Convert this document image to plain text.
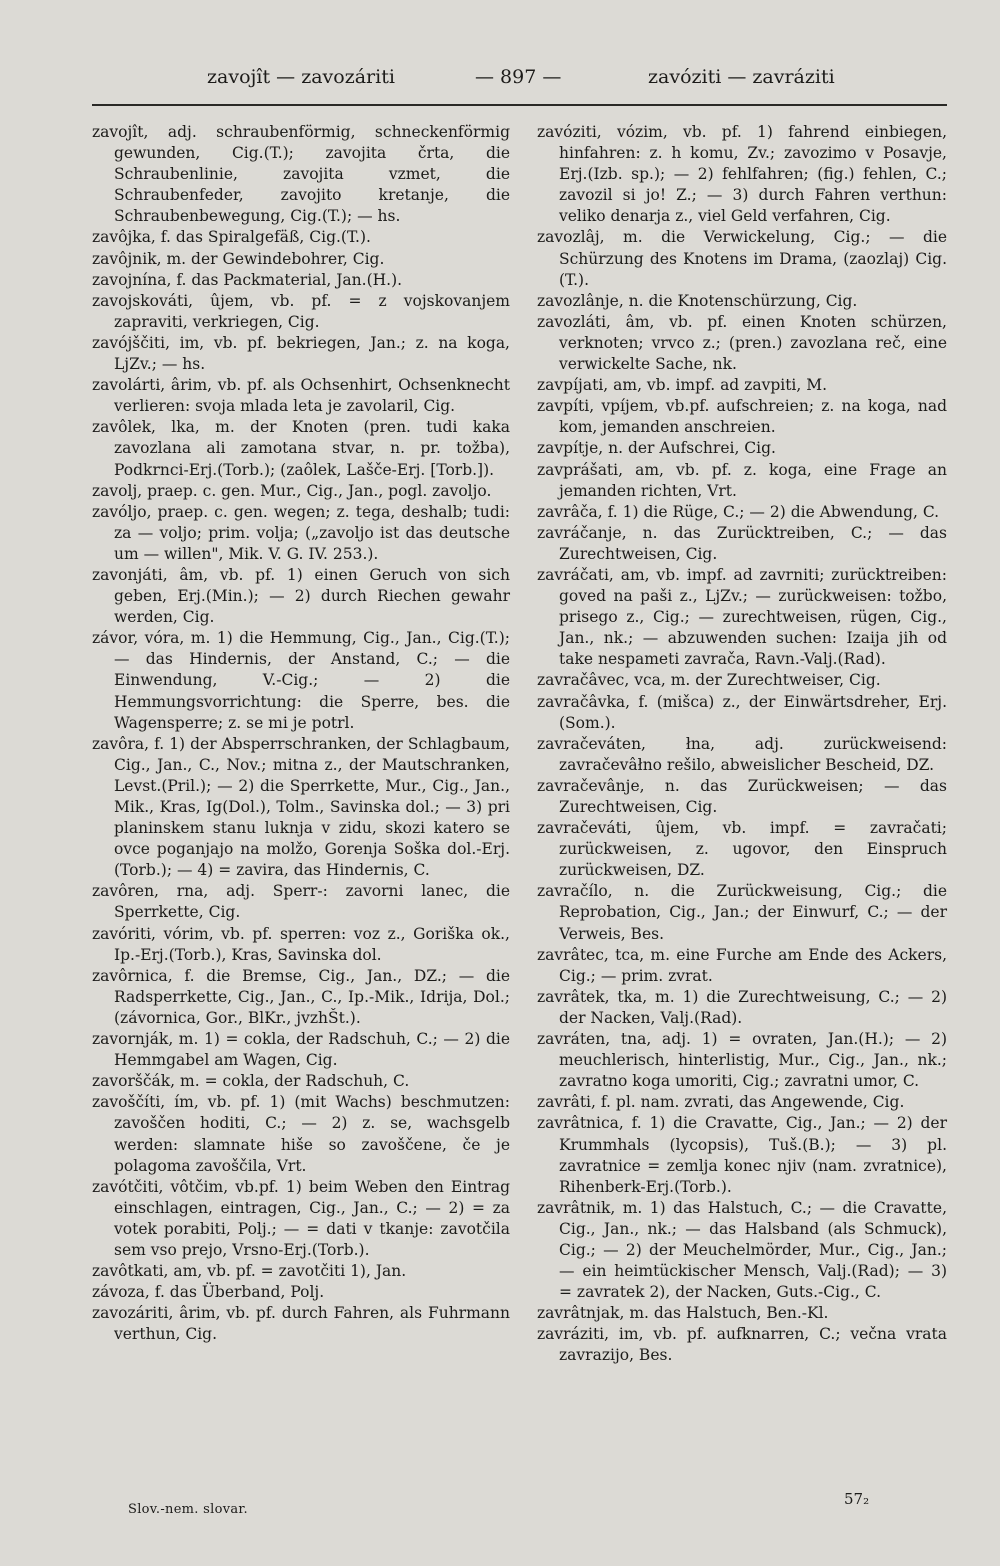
zavojît — zavozáriti	— 897 —	zavóziti — zavráziti

zavojît, adj. schraubenförmig, schneckenförmig gewunden, Cig.(T.); zavojita črta, die Schraubenlinie, zavojita vzmet, die Schraubenfeder, zavojito kretanje, die Schraubenbewegung, Cig.(T.); — hs.

zavôjka, f. das Spiralgefäß, Cig.(T.).

zavôjnik, m. der Gewindebohrer, Cig.

zavojnína, f. das Packmaterial, Jan.(H.).

zavojskováti, ûjem, vb. pf. = z vojskovanjem zapraviti, verkriegen, Cig.

zavójščiti, im, vb. pf. bekriegen, Jan.; z. na koga, LjZv.; — hs.

zavolárti, ârim, vb. pf. als Ochsenhirt, Ochsenknecht verlieren: svoja mlada leta je zavolaril, Cig.

zavôlek, lka, m. der Knoten (pren. tudi kaka zavozlana ali zamotana stvar, n. pr. tožba), Podkrnci-Erj.(Torb.); (zaôlek, Lašče-Erj. [Torb.]).

zavolj, praep. c. gen. Mur., Cig., Jan., pogl. zavoljo.

zavóljo, praep. c. gen. wegen; z. tega, deshalb; tudi: za — voljo; prim. volja; („zavoljo ist das deutsche um — willen", Mik. V. G. IV. 253.).

zavonjáti, âm, vb. pf. 1) einen Geruch von sich geben, Erj.(Min.); — 2) durch Riechen gewahr werden, Cig.

závor, vóra, m. 1) die Hemmung, Cig., Jan., Cig.(T.); — das Hindernis, der Anstand, C.; — die Einwendung, V.-Cig.; — 2) die Hemmungsvorrichtung: die Sperre, bes. die Wagensperre; z. se mi je potrl.

zavôra, f. 1) der Absperrschranken, der Schlagbaum, Cig., Jan., C., Nov.; mitna z., der Mautschranken, Levst.(Pril.); — 2) die Sperrkette, Mur., Cig., Jan., Mik., Kras, Ig(Dol.), Tolm., Savinska dol.; — 3) pri planinskem stanu luknja v zidu, skozi katero se ovce poganjajo na molžo, Gorenja Soška dol.-Erj.(Torb.); — 4) = zavira, das Hindernis, C.

zavôren, rna, adj. Sperr-: zavorni lanec, die Sperrkette, Cig.

zavóriti, vórim, vb. pf. sperren: voz z., Goriška ok., Ip.-Erj.(Torb.), Kras, Savinska dol.

zavôrnica, f. die Bremse, Cig., Jan., DZ.; — die Radsperrkette, Cig., Jan., C., Ip.-Mik., Idrija, Dol.; (závornica, Gor., BlKr., jvzhŠt.).

zavornják, m. 1) = cokla, der Radschuh, C.; — 2) die Hemmgabel am Wagen, Cig.

zavorščák, m. = cokla, der Radschuh, C.

zavoščíti, ím, vb. pf. 1) (mit Wachs) beschmutzen: zavoščen hoditi, C.; — 2) z. se, wachsgelb werden: slamnate hiše so zavoščene, če je polagoma zavoščila, Vrt.

zavótčiti, vôtčim, vb.pf. 1) beim Weben den Eintrag einschlagen, eintragen, Cig., Jan., C.; — 2) = za votek porabiti, Polj.; — = dati v tkanje: zavotčila sem vso prejo, Vrsno-Erj.(Torb.).

zavôtkati, am, vb. pf. = zavotčiti 1), Jan.

závoza, f. das Überband, Polj.

zavozáriti, ârim, vb. pf. durch Fahren, als Fuhrmann verthun, Cig.

zavóziti, vózim, vb. pf. 1) fahrend einbiegen, hinfahren: z. h komu, Zv.; zavozimo v Posavje, Erj.(Izb. sp.); — 2) fehlfahren; (fig.) fehlen, C.; zavozil si jo! Z.; — 3) durch Fahren verthun: veliko denarja z., viel Geld verfahren, Cig.

zavozlâj, m. die Verwickelung, Cig.; — die Schürzung des Knotens im Drama, (zaozlaj) Cig.(T.).

zavozlânje, n. die Knotenschürzung, Cig.

zavozláti, âm, vb. pf. einen Knoten schürzen, verknoten; vrvco z.; (pren.) zavozlana reč, eine verwickelte Sache, nk.

zavpíjati, am, vb. impf. ad zavpiti, M.

zavpíti, vpíjem, vb.pf. aufschreien; z. na koga, nad kom, jemanden anschreien.

zavpítje, n. der Aufschrei, Cig.

zavprášati, am, vb. pf. z. koga, eine Frage an jemanden richten, Vrt.

zavrâča, f. 1) die Rüge, C.; — 2) die Abwendung, C.

zavráčanje, n. das Zurücktreiben, C.; — das Zurechtweisen, Cig.

zavráčati, am, vb. impf. ad zavrniti; zurücktreiben: goved na paši z., LjZv.; — zurückweisen: tožbo, prisego z., Cig.; — zurechtweisen, rügen, Cig., Jan., nk.; — abzuwenden suchen: Izaija jih od take nespameti zavrača, Ravn.-Valj.(Rad).

zavračâvec, vca, m. der Zurechtweiser, Cig.

zavračâvka, f. (mišca) z., der Einwärtsdreher, Erj.(Som.).

zavračeváten, łna, adj. zurückweisend: zavračevâłno rešilo, abweislicher Bescheid, DZ.

zavračevânje, n. das Zurückweisen; — das Zurechtweisen, Cig.

zavračeváti, ûjem, vb. impf. = zavračati; zurückweisen, z. ugovor, den Einspruch zurückweisen, DZ.

zavračílo, n. die Zurückweisung, Cig.; die Reprobation, Cig., Jan.; der Einwurf, C.; — der Verweis, Bes.

zavrâtec, tca, m. eine Furche am Ende des Ackers, Cig.; — prim. zvrat.

zavrâtek, tka, m. 1) die Zurechtweisung, C.; — 2) der Nacken, Valj.(Rad).

zavráten, tna, adj. 1) = ovraten, Jan.(H.); — 2) meuchlerisch, hinterlistig, Mur., Cig., Jan., nk.; zavratno koga umoriti, Cig.; zavratni umor, C.

zavrâti, f. pl. nam. zvrati, das Angewende, Cig.

zavrâtnica, f. 1) die Cravatte, Cig., Jan.; — 2) der Krummhals (lycopsis), Tuš.(B.); — 3) pl. zavratnice = zemlja konec njiv (nam. zvratnice), Rihenberk-Erj.(Torb.).

zavrâtnik, m. 1) das Halstuch, C.; — die Cravatte, Cig., Jan., nk.; — das Halsband (als Schmuck), Cig.; — 2) der Meuchelmörder, Mur., Cig., Jan.; — ein heimtückischer Mensch, Valj.(Rad); — 3) = zavratek 2), der Nacken, Guts.-Cig., C.

zavrâtnjak, m. das Halstuch, Ben.-Kl.

zavráziti, im, vb. pf. aufknarren, C.; večna vrata zavrazijo, Bes.

Slov.-nem. slovar.
57₂
